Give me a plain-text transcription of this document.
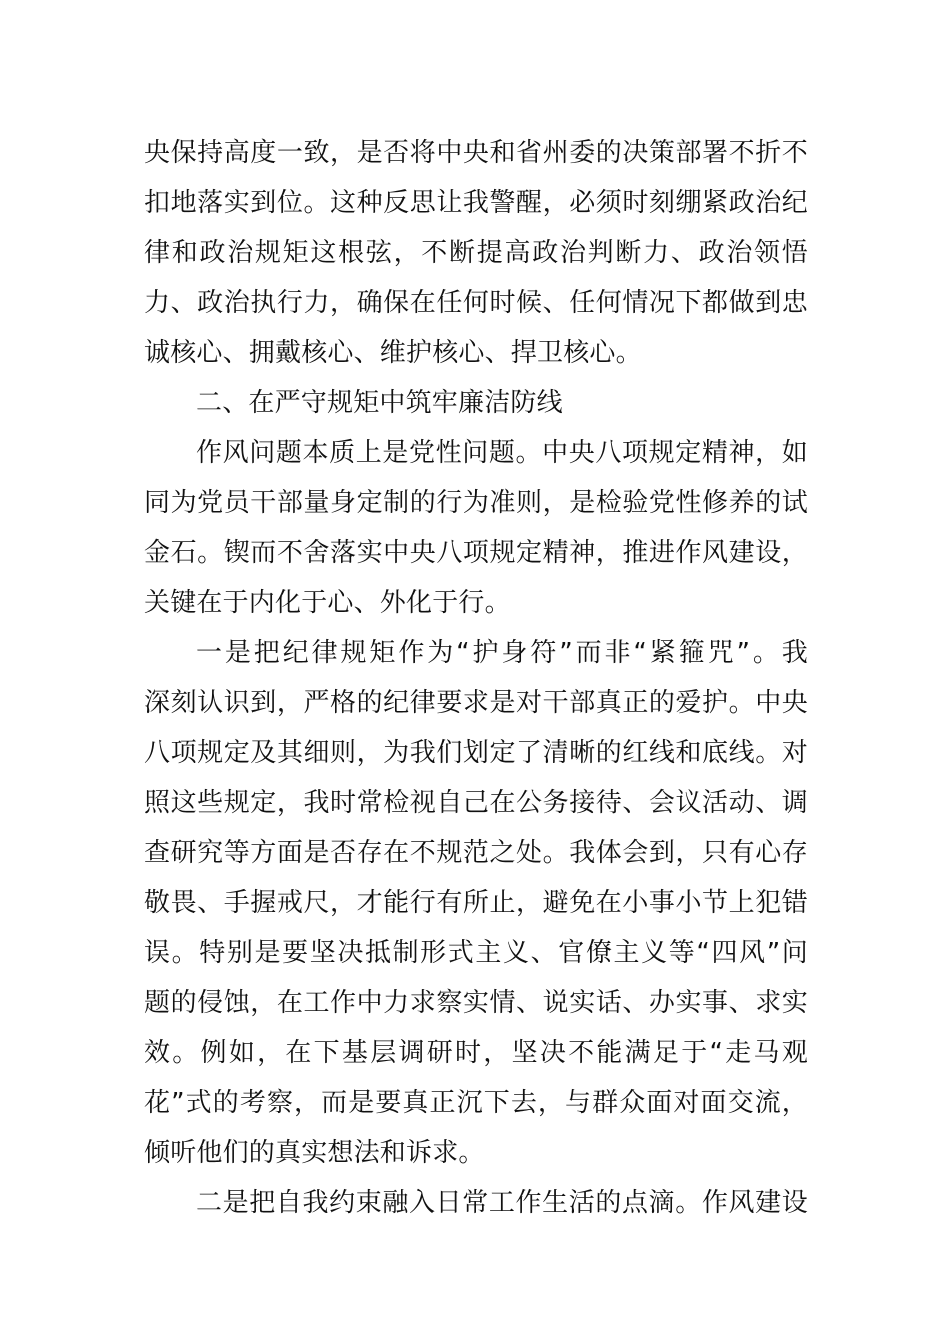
央保持高度一致，是否将中央和省州委的决策部署不折不
扣地落实到位。这种反思让我警醒，必须时刻绷紧政治纪
律和政治规矩这根弦，不断提高政治判断力、政治领悟
力、政治执行力，确保在任何时候、任何情况下都做到忠
诚核心、拥戴核心、维护核心、捍卫核心。
二、在严守规矩中筑牢廉洁防线
作风问题本质上是党性问题。中央八项规定精神，如
同为党员干部量身定制的行为准则，是检验党性修养的试
金石。锲而不舍落实中央八项规定精神，推进作风建设，
关键在于内化于心、外化于行。
一是把纪律规矩作为“护身符”而非“紧箍咒”。我
深刻认识到，严格的纪律要求是对干部真正的爱护。中央
八项规定及其细则，为我们划定了清晰的红线和底线。对
照这些规定，我时常检视自己在公务接待、会议活动、调
查研究等方面是否存在不规范之处。我体会到，只有心存
敬畏、手握戒尺，才能行有所止，避免在小事小节上犯错
误。特别是要坚决抵制形式主义、官僚主义等“四风”问
题的侵蚀，在工作中力求察实情、说实话、办实事、求实
效。例如，在下基层调研时，坚决不能满足于“走马观
花”式的考察，而是要真正沉下去，与群众面对面交流，
倾听他们的真实想法和诉求。
二是把自我约束融入日常工作生活的点滴。作风建设
